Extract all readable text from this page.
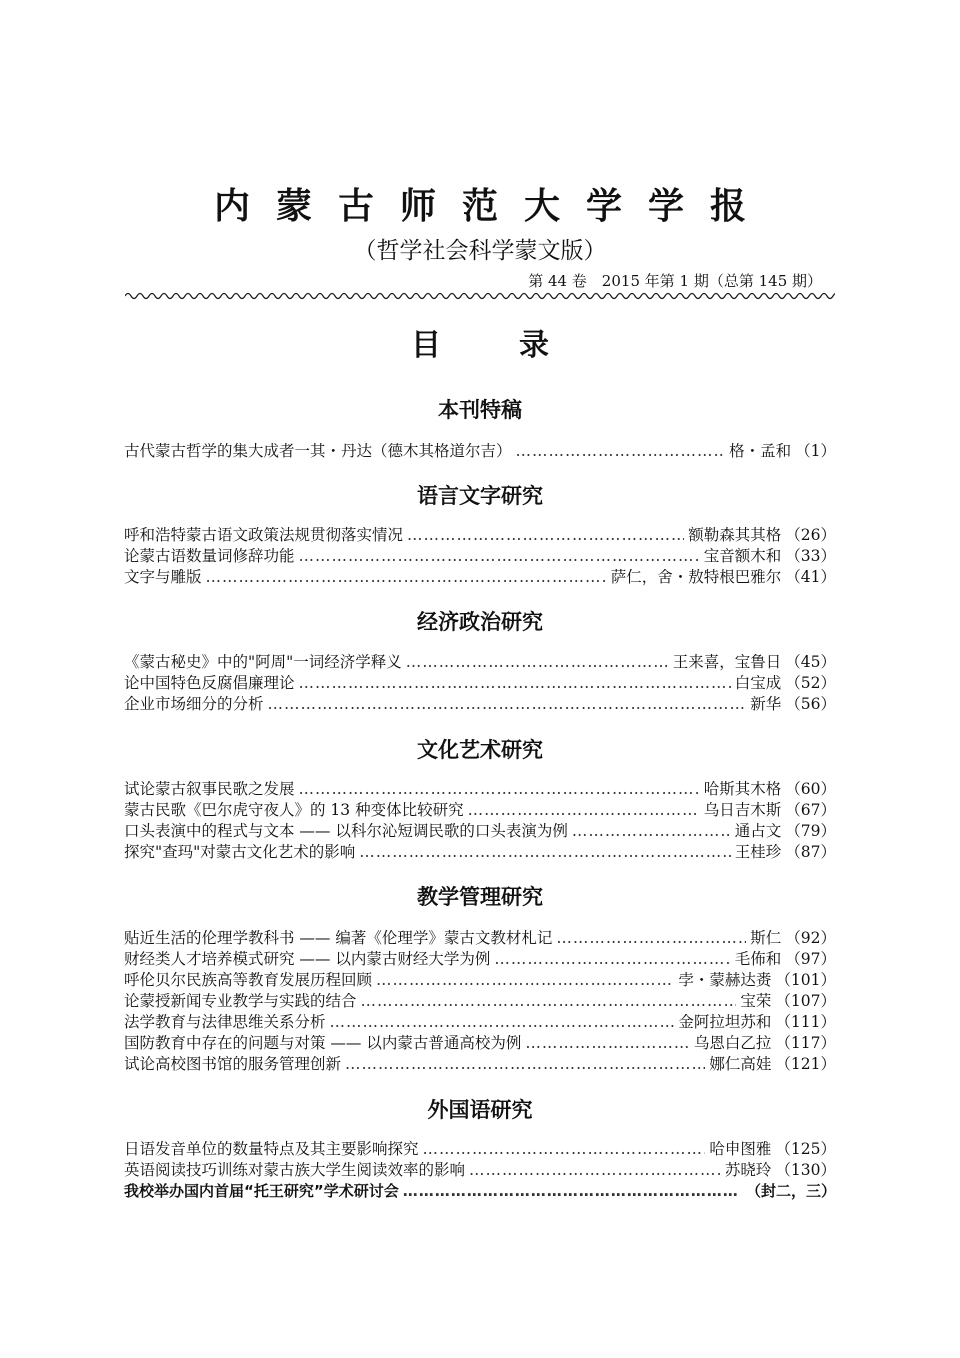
内蒙古师范大学学报
（哲学社会科学蒙文版）
第 44 卷　2015 年第 1 期（总第 145 期）
目	录
本刊特稿
古代蒙古哲学的集大成者一其・丹达（德木其格道尔吉） ………………………………………………………………………………………………………………………………………………………………	格・孟和 （1）
语言文字研究
呼和浩特蒙古语文政策法规贯彻落实情况 ………………………………………………………………………………………………………………………………………………………………	额勒森其其格 （26）
论蒙古语数量词修辞功能 ………………………………………………………………………………………………………………………………………………………………	宝音额木和 （33）
文字与雕版 ………………………………………………………………………………………………………………………………………………………………	萨仁，舍・敖特根巴雅尔 （41）
经济政治研究
《蒙古秘史》中的"阿周"一词经济学释义 ………………………………………………………………………………………………………………………………………………………………	王来喜，宝鲁日 （45）
论中国特色反腐倡廉理论 ………………………………………………………………………………………………………………………………………………………………	白宝成 （52）
企业市场细分的分析 ………………………………………………………………………………………………………………………………………………………………	新华 （56）
文化艺术研究
试论蒙古叙事民歌之发展 ………………………………………………………………………………………………………………………………………………………………	哈斯其木格 （60）
蒙古民歌《巴尔虎守夜人》的 13 种变体比较研究 ………………………………………………………………………………………………………………………………………………………………	乌日吉木斯 （67）
口头表演中的程式与文本 —— 以科尔沁短调民歌的口头表演为例 ………………………………………………………………………………………………………………………………………………………………	通占文 （79）
探究"查玛"对蒙古文化艺术的影响 ………………………………………………………………………………………………………………………………………………………………	王桂珍 （87）
教学管理研究
贴近生活的伦理学教科书 —— 编著《伦理学》蒙古文教材札记 ………………………………………………………………………………………………………………………………………………………………	斯仁 （92）
财经类人才培养模式研究 —— 以内蒙古财经大学为例 ………………………………………………………………………………………………………………………………………………………………	毛佈和 （97）
呼伦贝尔民族高等教育发展历程回顾 ………………………………………………………………………………………………………………………………………………………………	孛・蒙赫达赉 （101）
论蒙授新闻专业教学与实践的结合 ………………………………………………………………………………………………………………………………………………………………	宝荣 （107）
法学教育与法律思维关系分析 ………………………………………………………………………………………………………………………………………………………………	金阿拉坦苏和 （111）
国防教育中存在的问题与对策 —— 以内蒙古普通高校为例 ………………………………………………………………………………………………………………………………………………………………	乌恩白乙拉 （117）
试论高校图书馆的服务管理创新 ………………………………………………………………………………………………………………………………………………………………	娜仁高娃 （121）
外国语研究
日语发音单位的数量特点及其主要影响探究 ………………………………………………………………………………………………………………………………………………………………	哈申图雅 （125）
英语阅读技巧训练对蒙古族大学生阅读效率的影响 ………………………………………………………………………………………………………………………………………………………………	苏晓玲 （130）
我校举办国内首届“托王研究”学术研讨会 ………………………………………………………………………………………………………………………………………………………………	（封二，三）
